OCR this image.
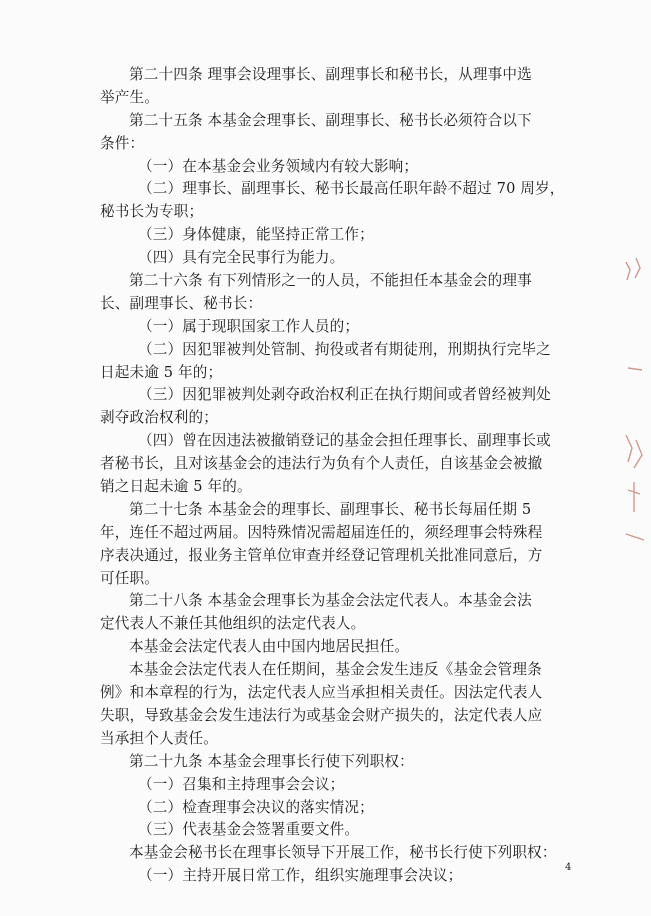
第二十四条 理事会设理事长、副理事长和秘书长，从理事中选
举产生。
第二十五条 本基金会理事长、副理事长、秘书长必须符合以下
条件：
（一）在本基金会业务领域内有较大影响；
（二）理事长、副理事长、秘书长最高任职年龄不超过 70 周岁，
秘书长为专职；
（三）身体健康，能坚持正常工作；
（四）具有完全民事行为能力。
第二十六条 有下列情形之一的人员，不能担任本基金会的理事
长、副理事长、秘书长：
（一）属于现职国家工作人员的；
（二）因犯罪被判处管制、拘役或者有期徒刑，刑期执行完毕之
日起未逾 5 年的；
（三）因犯罪被判处剥夺政治权利正在执行期间或者曾经被判处
剥夺政治权利的；
（四）曾在因违法被撤销登记的基金会担任理事长、副理事长或
者秘书长，且对该基金会的违法行为负有个人责任，自该基金会被撤
销之日起未逾 5 年的。
第二十七条 本基金会的理事长、副理事长、秘书长每届任期 5
年，连任不超过两届。因特殊情况需超届连任的，须经理事会特殊程
序表决通过，报业务主管单位审查并经登记管理机关批准同意后，方
可任职。
第二十八条 本基金会理事长为基金会法定代表人。本基金会法
定代表人不兼任其他组织的法定代表人。
本基金会法定代表人由中国内地居民担任。
本基金会法定代表人在任期间，基金会发生违反《基金会管理条
例》和本章程的行为，法定代表人应当承担相关责任。因法定代表人
失职，导致基金会发生违法行为或基金会财产损失的，法定代表人应
当承担个人责任。
第二十九条 本基金会理事长行使下列职权：
（一）召集和主持理事会会议；
（二）检查理事会决议的落实情况；
（三）代表基金会签署重要文件。
本基金会秘书长在理事长领导下开展工作，秘书长行使下列职权：
（一）主持开展日常工作，组织实施理事会决议；	4
